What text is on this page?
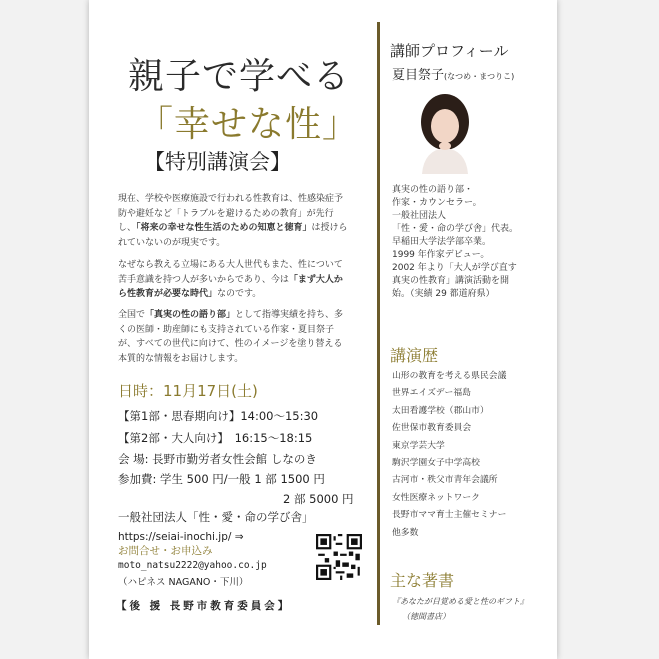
親子で学べる
「幸せな性」
【特別講演会】
現在、学校や医療施設で行われる性教育は、性感染症予防や避妊など「トラブルを避けるための教育」が先行し、「将来の幸せな性生活のための知恵と徳育」は授けられていないのが現実です。
なぜなら教える立場にある大人世代もまた、性について苦手意識を持つ人が多いからであり、今は「まず大人から性教育が必要な時代」なのです。
全国で「真実の性の語り部」として指導実績を持ち、多くの医師・助産師にも支持されている作家・夏目祭子が、すべての世代に向けて、性のイメージを塗り替える本質的な情報をお届けします。
日時：11月17日(土)
【第1部・思春期向け】14:00～15:30
【第2部・大人向け】　16:15～18:15
会 場: 長野市勤労者女性会館 しなのき
参加費: 学生 500 円/一般 1 部 1500 円
2 部 5000 円
一般社団法人「性・愛・命の学び舎」
https://seiai-inochi.jp/ ⇒
お問合せ・お申込み
moto_natsu2222@yahoo.co.jp
（ハピネス NAGANO・下川）
【後 援 長野市教育委員会】
講師プロフィール
夏目祭子(なつめ・まつりこ)
真実の性の語り部・
作家・カウンセラー。
一般社団法人
「性・愛・命の学び舎」代表。
早稲田大学法学部卒業。
1999 年作家デビュー。
2002 年より「大人が学び直す
真実の性教育」講演活動を開
始。（実績 29 都道府県）
講演歴
山形の教育を考える県民会議
世界エイズデー福島
太田看護学校（郡山市）
佐世保市教育委員会
東京学芸大学
駒沢学園女子中学高校
古河市・秩父市青年会議所
女性医療ネットワーク
長野市ママ育士主催セミナー
他多数
主な著書
『あなたが目覚める愛と性のギフト』
（徳間書店）
